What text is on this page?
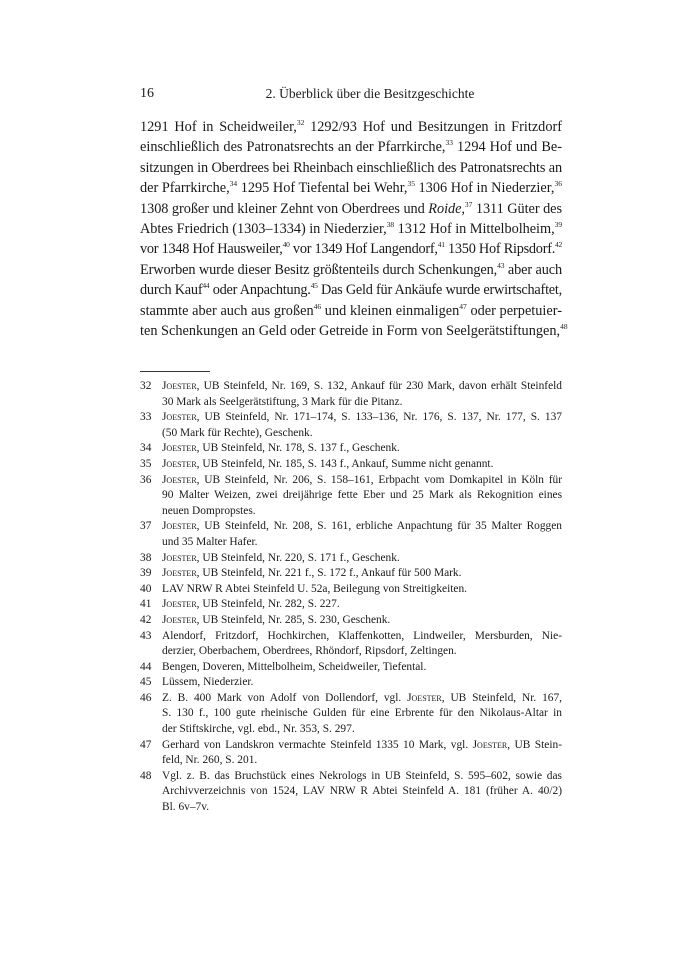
16	2. Überblick über die Besitzgeschichte
1291 Hof in Scheidweiler,$^{32}$ 1292/93 Hof und Besitzungen in Fritzdorf
einschließlich des Patronatsrechts an der Pfarrkirche,$^{33}$ 1294 Hof und Be-
sitzungen in Oberdrees bei Rheinbach einschließlich des Patronatsrechts an
der Pfarrkirche,$^{34}$ 1295 Hof Tiefental bei Wehr,$^{35}$ 1306 Hof in Niederzier,$^{36}$
1308 großer und kleiner Zehnt von Oberdrees und Roide,$^{37}$ 1311 Güter des
Abtes Friedrich (1303–1334) in Niederzier,$^{38}$ 1312 Hof in Mittelbolheim,$^{39}$
vor 1348 Hof Hausweiler,$^{40}$ vor 1349 Hof Langendorf,$^{41}$ 1350 Hof Ripsdorf.$^{42}$
Erworben wurde dieser Besitz größtenteils durch Schenkungen,$^{43}$ aber auch
durch Kauf$^{44}$ oder Anpachtung.$^{45}$ Das Geld für Ankäufe wurde erwirtschaftet,
stammte aber auch aus großen$^{46}$ und kleinen einmaligen$^{47}$ oder perpetuier-
ten Schenkungen an Geld oder Getreide in Form von Seelgerätstiftungen,$^{48}$
32 Joester, UB Steinfeld, Nr. 169, S. 132, Ankauf für 230 Mark, davon erhält Steinfeld
30 Mark als Seelgerätstiftung, 3 Mark für die Pitanz.
33 Joester, UB Steinfeld, Nr. 171–174, S. 133–136, Nr. 176, S. 137, Nr. 177, S. 137
(50 Mark für Rechte), Geschenk.
34 Joester, UB Steinfeld, Nr. 178, S. 137 f., Geschenk.
35 Joester, UB Steinfeld, Nr. 185, S. 143 f., Ankauf, Summe nicht genannt.
36 Joester, UB Steinfeld, Nr. 206, S. 158–161, Erbpacht vom Domkapitel in Köln für
90 Malter Weizen, zwei dreijährige fette Eber und 25 Mark als Rekognition eines
neuen Dompropstes.
37 Joester, UB Steinfeld, Nr. 208, S. 161, erbliche Anpachtung für 35 Malter Roggen
und 35 Malter Hafer.
38 Joester, UB Steinfeld, Nr. 220, S. 171 f., Geschenk.
39 Joester, UB Steinfeld, Nr. 221 f., S. 172 f., Ankauf für 500 Mark.
40 LAV NRW R Abtei Steinfeld U. 52a, Beilegung von Streitigkeiten.
41 Joester, UB Steinfeld, Nr. 282, S. 227.
42 Joester, UB Steinfeld, Nr. 285, S. 230, Geschenk.
43 Alendorf, Fritzdorf, Hochkirchen, Klaffenkotten, Lindweiler, Mersburden, Nie-
derzier, Oberbachem, Oberdrees, Rhöndorf, Ripsdorf, Zeltingen.
44 Bengen, Doveren, Mittelbolheim, Scheidweiler, Tiefental.
45 Lüssem, Niederzier.
46 Z. B. 400 Mark von Adolf von Dollendorf, vgl. Joester, UB Steinfeld, Nr. 167,
S. 130 f., 100 gute rheinische Gulden für eine Erbrente für den Nikolaus-Altar in
der Stiftskirche, vgl. ebd., Nr. 353, S. 297.
47 Gerhard von Landskron vermachte Steinfeld 1335 10 Mark, vgl. Joester, UB Stein-
feld, Nr. 260, S. 201.
48 Vgl. z. B. das Bruchstück eines Nekrologs in UB Steinfeld, S. 595–602, sowie das
Archivverzeichnis von 1524, LAV NRW R Abtei Steinfeld A. 181 (früher A. 40/2)
Bl. 6v–7v.
